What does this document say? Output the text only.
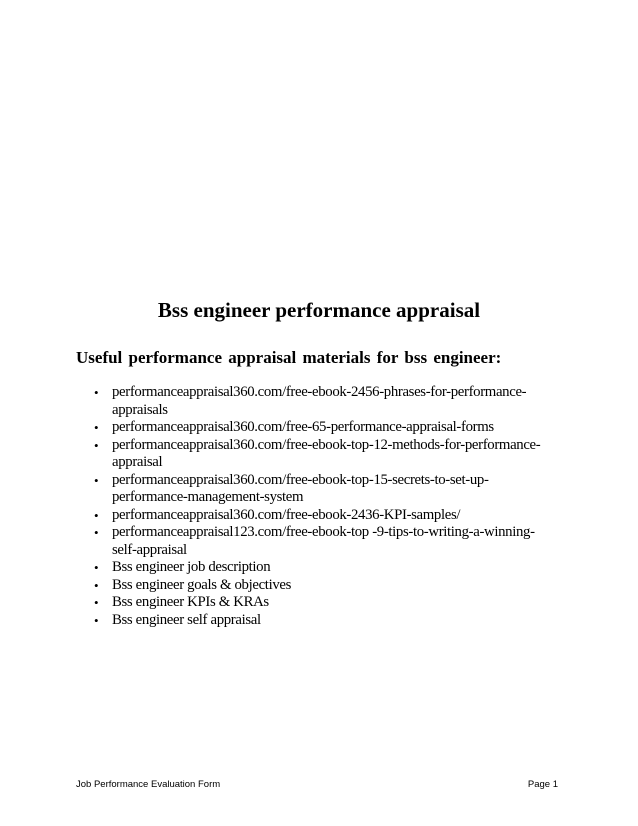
Bss engineer performance appraisal
Useful performance appraisal materials for bss engineer:
• performanceappraisal360.com/free-ebook-2456-phrases-for-performance-
appraisals
• performanceappraisal360.com/free-65-performance-appraisal-forms
• performanceappraisal360.com/free-ebook-top-12-methods-for-performance-
appraisal
• performanceappraisal360.com/free-ebook-top-15-secrets-to-set-up-
performance-management-system
• performanceappraisal360.com/free-ebook-2436-KPI-samples/
• performanceappraisal123.com/free-ebook-top -9-tips-to-writing-a-winning-
self-appraisal
• Bss engineer job description
• Bss engineer goals & objectives
• Bss engineer KPIs & KRAs
• Bss engineer self appraisal
Job Performance Evaluation Form	Page 1
